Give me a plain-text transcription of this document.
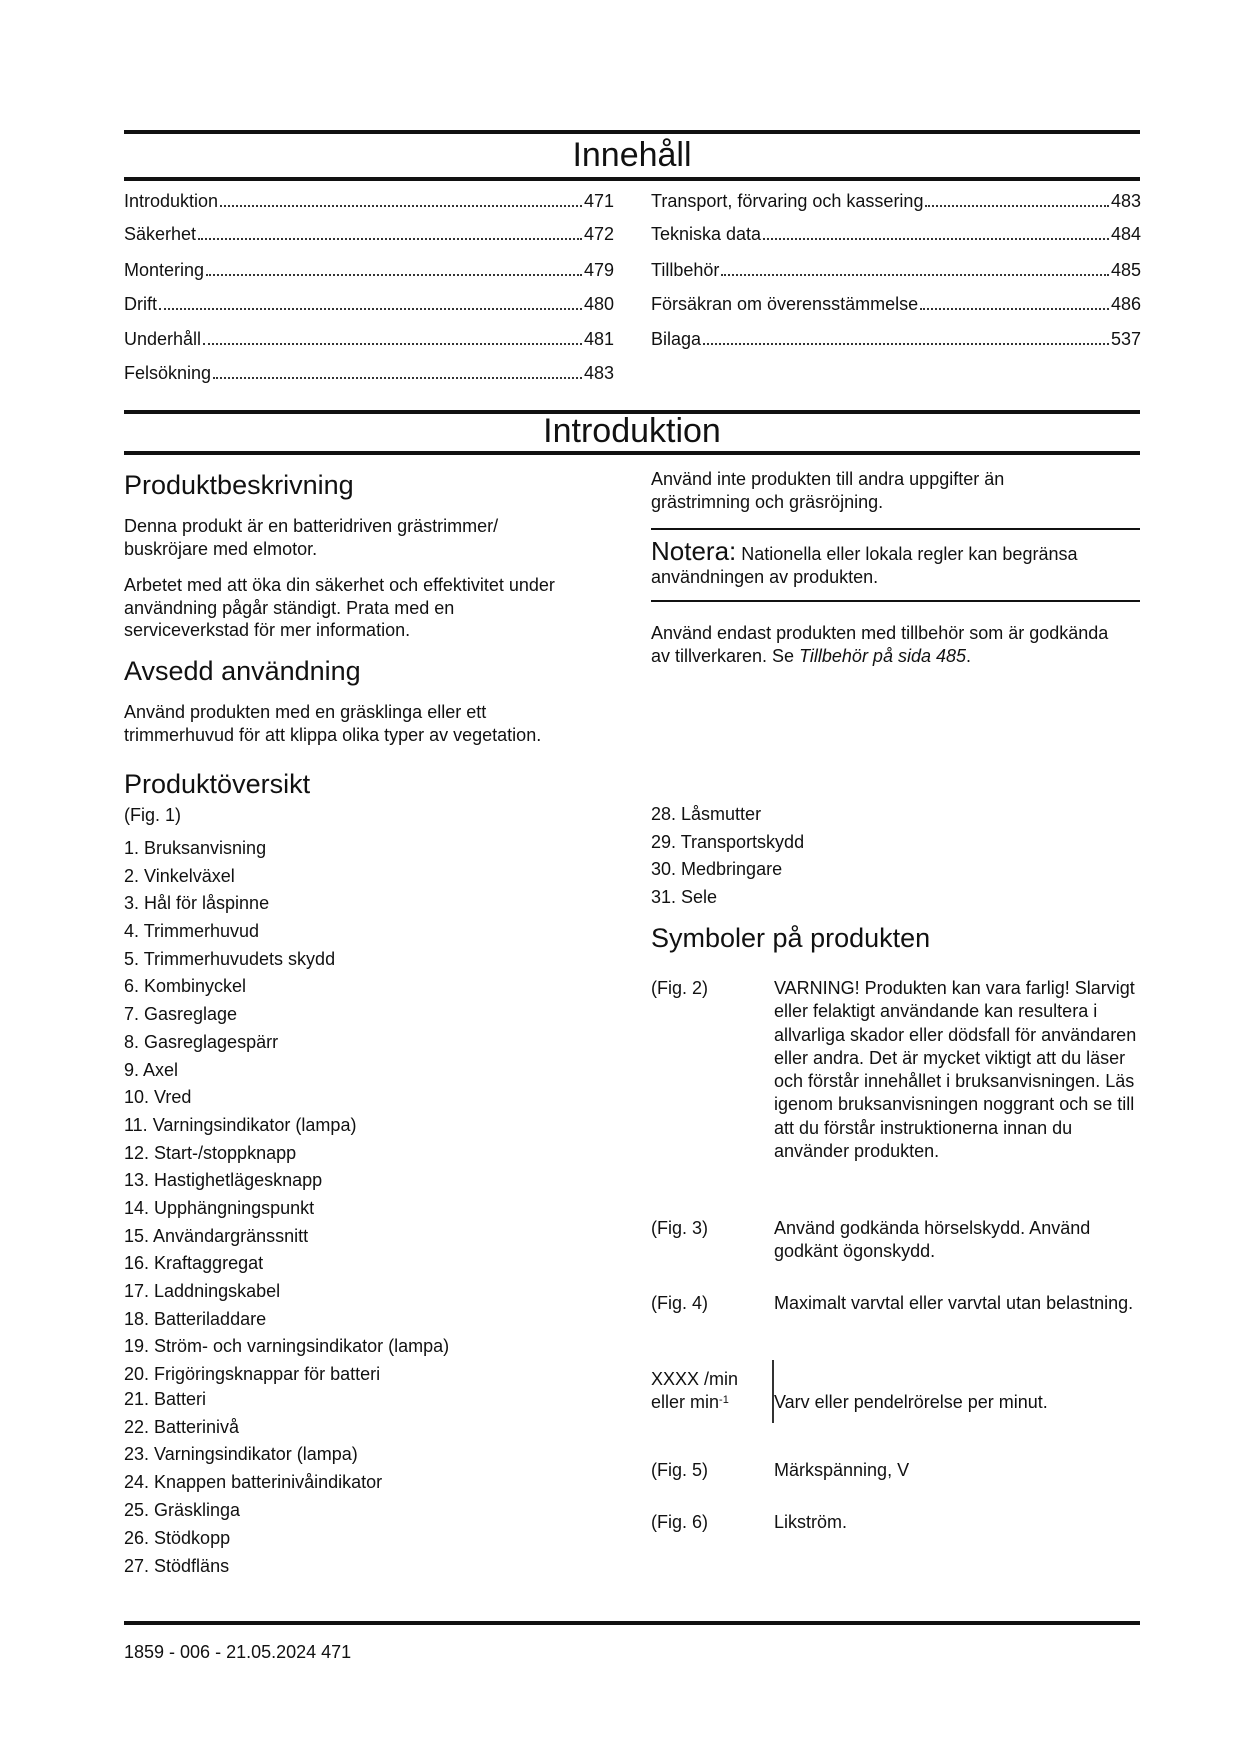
Innehåll
Introduktion	471
Säkerhet	472
Montering	479
Drift	480
Underhåll	481
Felsökning	483
Transport, förvaring och kassering	483
Tekniska data	484
Tillbehör	485
Försäkran om överensstämmelse	486
Bilaga	537
Introduktion
Produktbeskrivning
Denna produkt är en batteridriven grästrimmer/ buskröjare med elmotor.
Arbetet med att öka din säkerhet och effektivitet under användning pågår ständigt. Prata med en serviceverkstad för mer information.
Avsedd användning
Använd produkten med en gräsklinga eller ett trimmerhuvud för att klippa olika typer av vegetation.
Produktöversikt
(Fig. 1)
1. Bruksanvisning
2. Vinkelväxel
3. Hål för låspinne
4. Trimmerhuvud
5. Trimmerhuvudets skydd
6. Kombinyckel
7. Gasreglage
8. Gasreglagespärr
9. Axel
10. Vred
11. Varningsindikator (lampa)
12. Start-/stoppknapp
13. Hastighetlägesknapp
14. Upphängningspunkt
15. Användargränssnitt
16. Kraftaggregat
17. Laddningskabel
18. Batteriladdare
19. Ström- och varningsindikator (lampa)
20. Frigöringsknappar för batteri
21. Batteri
22. Batterinivå
23. Varningsindikator (lampa)
24. Knappen batterinivåindikator
25. Gräsklinga
26. Stödkopp
27. Stödfläns
Använd inte produkten till andra uppgifter än grästrimning och gräsröjning.
Notera: Nationella eller lokala regler kan begränsa användningen av produkten.
Använd endast produkten med tillbehör som är godkända av tillverkaren. Se Tillbehör på sida 485.
28. Låsmutter
29. Transportskydd
30. Medbringare
31. Sele
Symboler på produkten
(Fig. 2)	VARNING! Produkten kan vara farlig! Slarvigt eller felaktigt användande kan resultera i allvarliga skador eller dödsfall för användaren eller andra. Det är mycket viktigt att du läser och förstår innehållet i bruksanvisningen. Läs igenom bruksanvisningen noggrant och se till att du förstår instruktionerna innan du använder produkten.
(Fig. 3)	Använd godkända hörselskydd. Använd godkänt ögonskydd.
(Fig. 4)	Maximalt varvtal eller varvtal utan belastning.
XXXX /min
eller $\min^{-1}$	Varv eller pendelrörelse per minut.
(Fig. 5)	Märkspänning, V
(Fig. 6)	Likström.
1859 - 006 - 21.05.2024 471
